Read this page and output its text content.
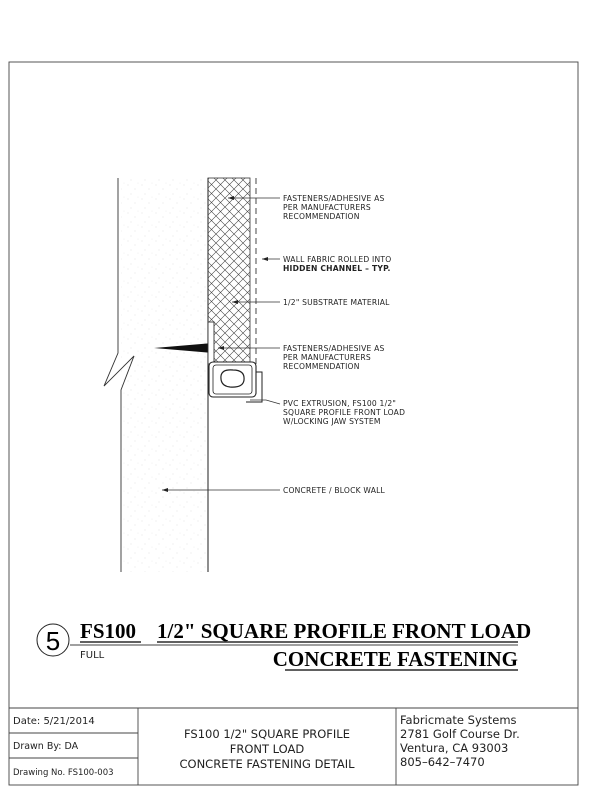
FASTENERS/ADHESIVE AS
PER MANUFACTURERS
RECOMMENDATION
WALL FABRIC ROLLED INTO
HIDDEN CHANNEL – TYP.
1/2" SUBSTRATE MATERIAL
FASTENERS/ADHESIVE AS
PER MANUFACTURERS
RECOMMENDATION
PVC EXTRUSION, FS100 1/2"
SQUARE PROFILE FRONT LOAD
W/LOCKING JAW SYSTEM
CONCRETE / BLOCK WALL
5 FULL
FS100 1/2" SQUARE PROFILE FRONT LOAD
CONCRETE FASTENING
Date: 5/21/2014
Drawn By: DA
Drawing No. FS100-003
FS100 1/2" SQUARE PROFILE
FRONT LOAD
CONCRETE FASTENING DETAIL
Fabricmate Systems
2781 Golf Course Dr.
Ventura, CA 93003
805–642–7470
